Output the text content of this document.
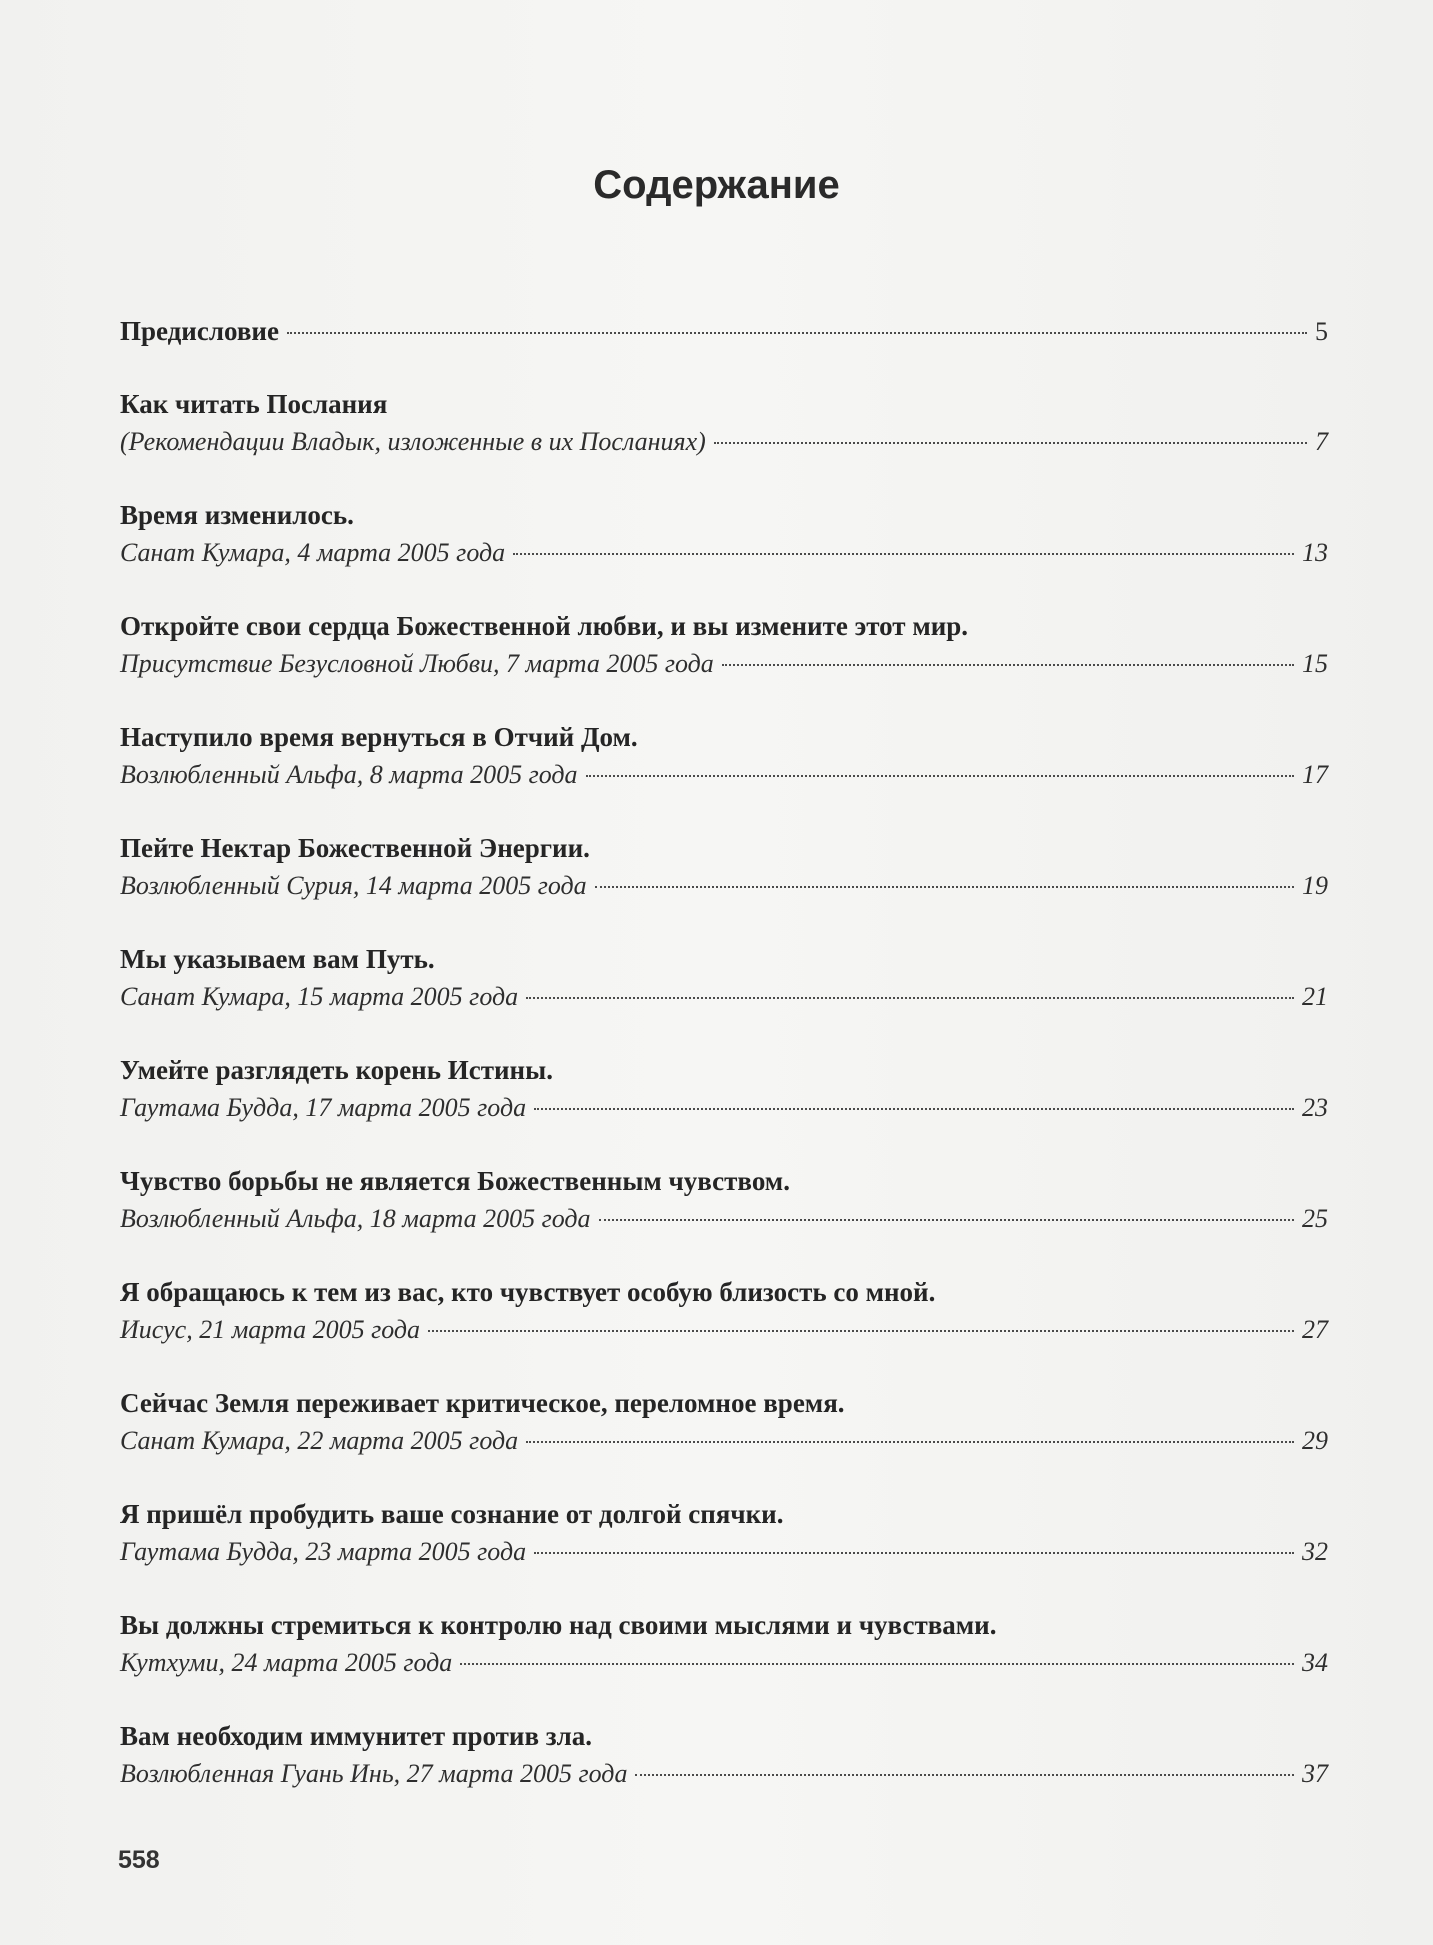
Содержание
Предисловие	5
Как читать Послания
(Рекомендации Владык, изложенные в их Посланиях)	7
Время изменилось.
Санат Кумара, 4 марта 2005 года	13
Откройте свои сердца Божественной любви, и вы измените этот мир.
Присутствие Безусловной Любви, 7 марта 2005 года	15
Наступило время вернуться в Отчий Дом.
Возлюбленный Альфа, 8 марта 2005 года	17
Пейте Нектар Божественной Энергии.
Возлюбленный Сурия, 14 марта 2005 года	19
Мы указываем вам Путь.
Санат Кумара, 15 марта 2005 года	21
Умейте разглядеть корень Истины.
Гаутама Будда, 17 марта 2005 года	23
Чувство борьбы не является Божественным чувством.
Возлюбленный Альфа, 18 марта 2005 года	25
Я обращаюсь к тем из вас, кто чувствует особую близость со мной.
Иисус, 21 марта 2005 года	27
Сейчас Земля переживает критическое, переломное время.
Санат Кумара, 22 марта 2005 года	29
Я пришёл пробудить ваше сознание от долгой спячки.
Гаутама Будда, 23 марта 2005 года	32
Вы должны стремиться к контролю над своими мыслями и чувствами.
Кутхуми, 24 марта 2005 года	34
Вам необходим иммунитет против зла.
Возлюбленная Гуань Инь, 27 марта 2005 года	37
558
